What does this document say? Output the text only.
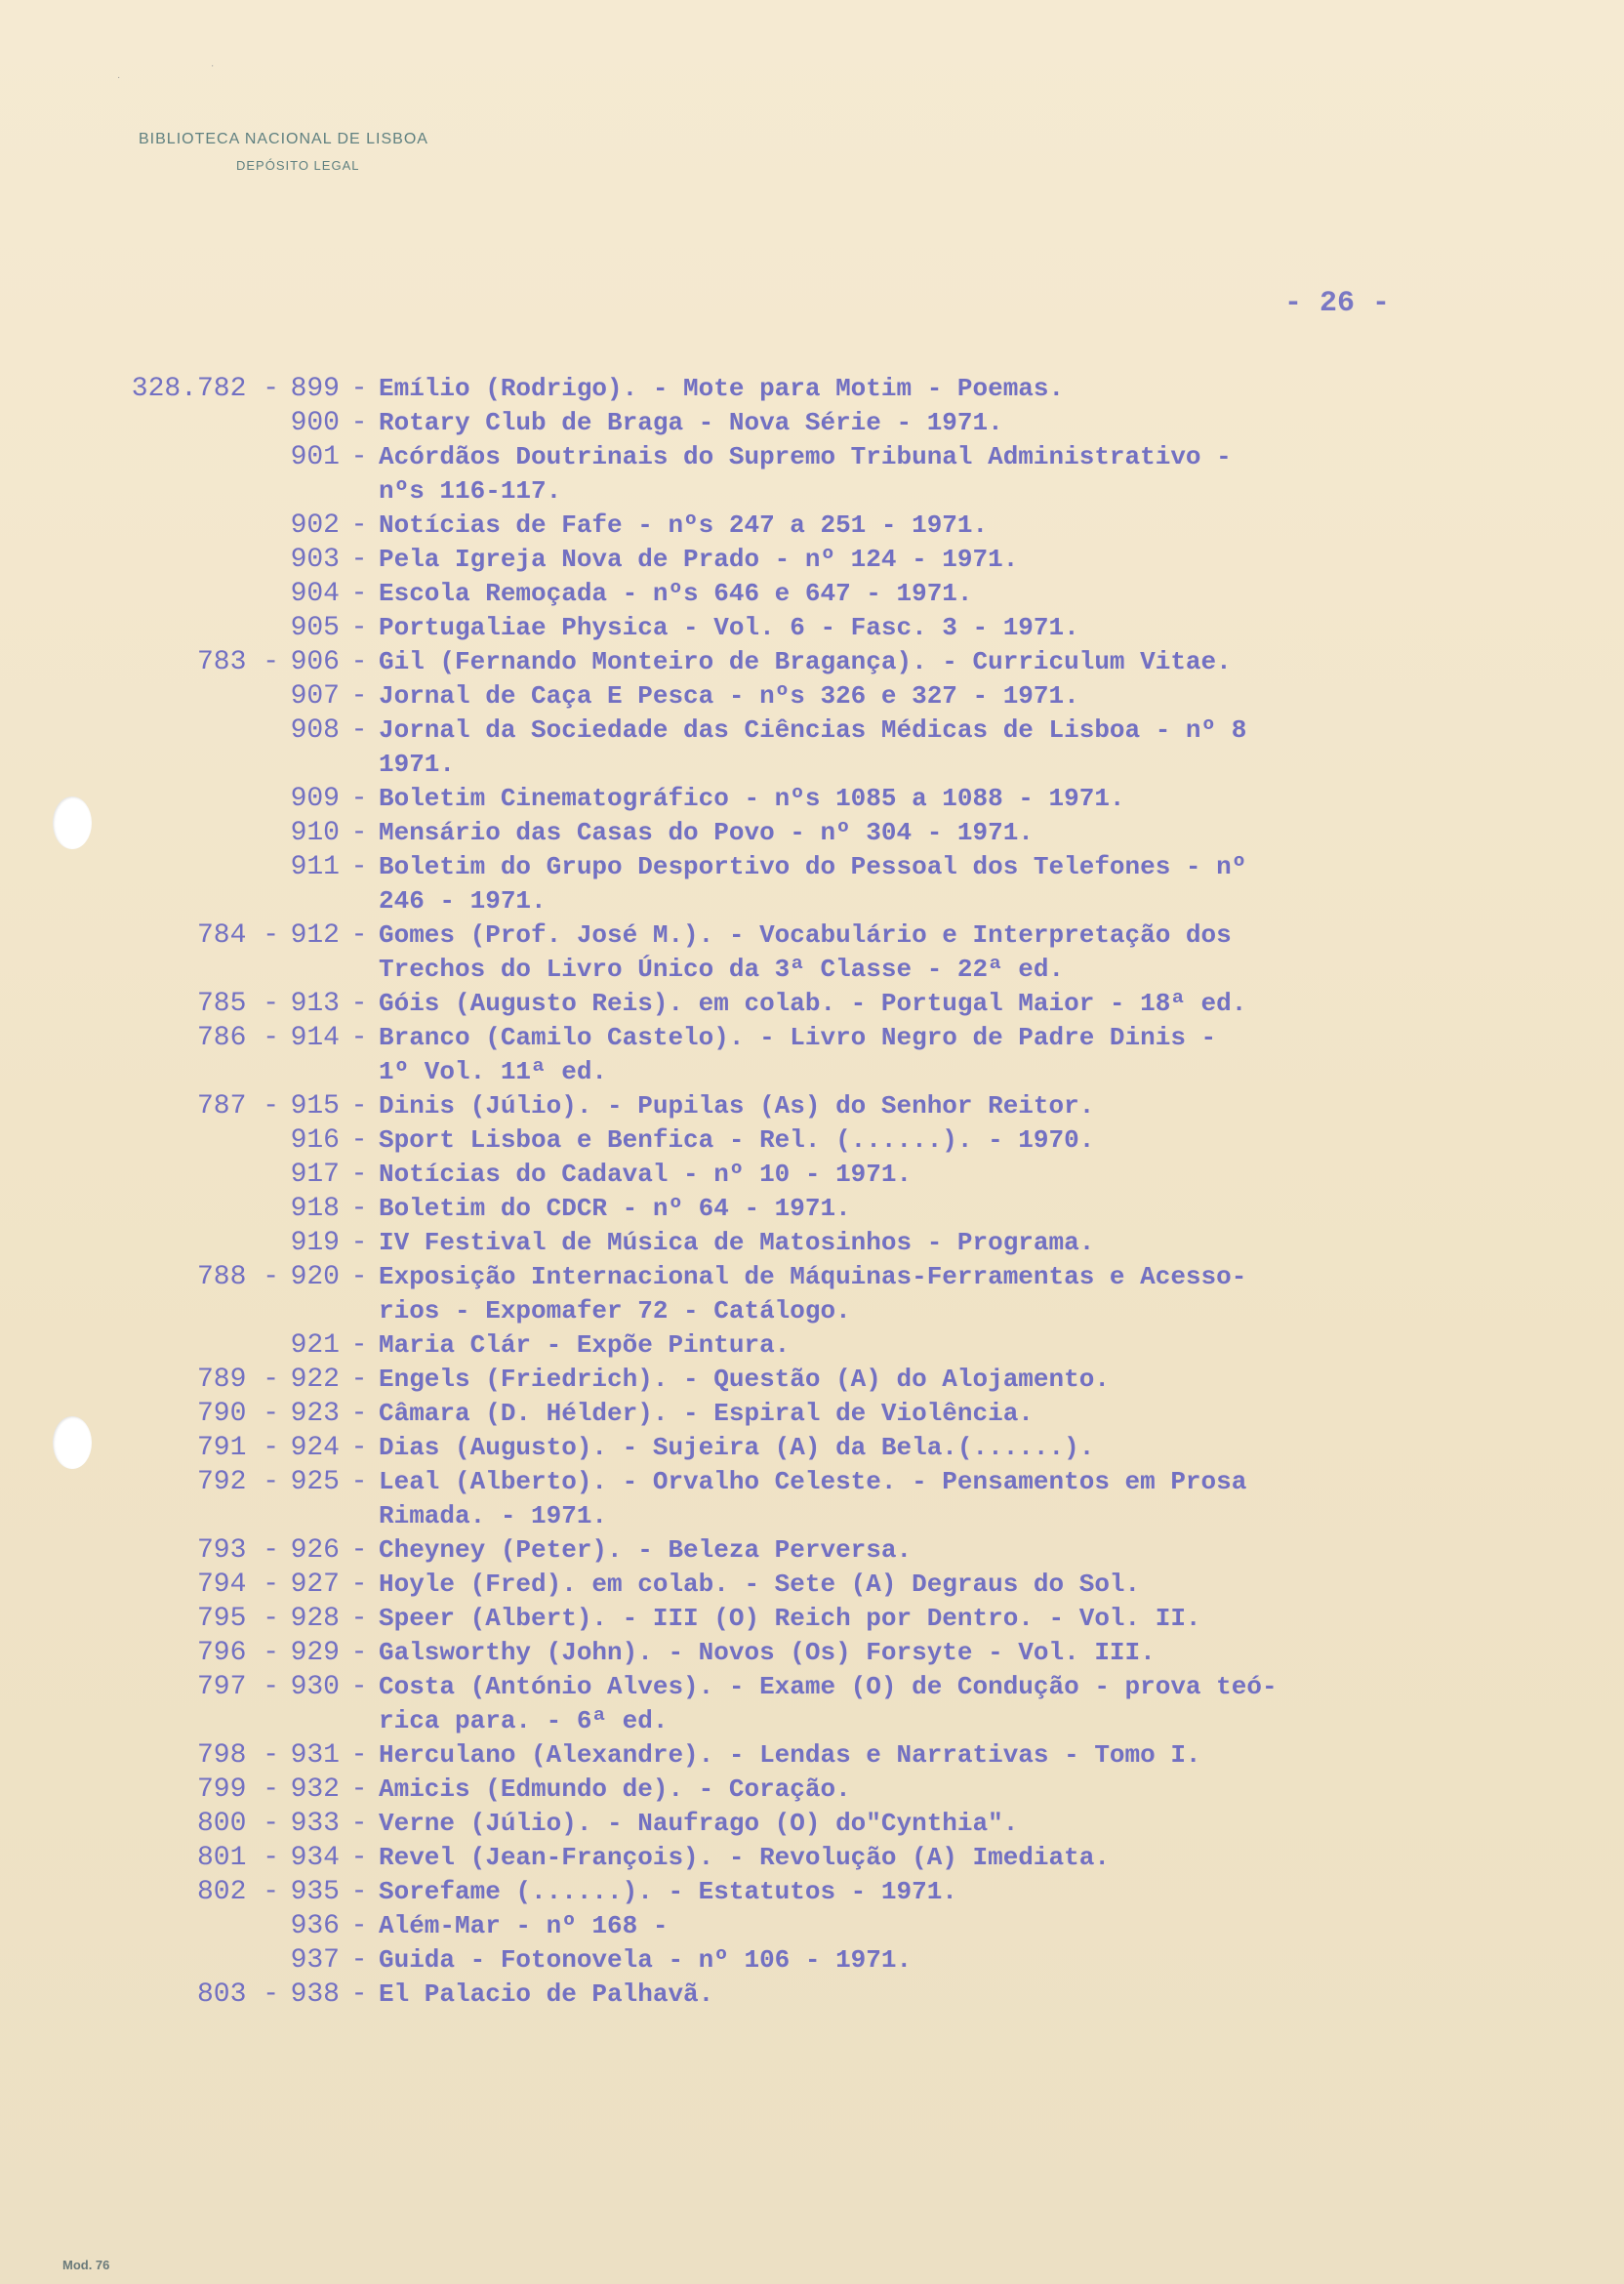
BIBLIOTECA NACIONAL DE LISBOA
DEPÓSITO LEGAL
- 26 -
·
·
328.782 - 899 - Emílio (Rodrigo). - Mote para Motim - Poemas.
900 - Rotary Club de Braga - Nova Série - 1971.
901 - Acórdãos Doutrinais do Supremo Tribunal Administrativo -
nºs 116-117.
902 - Notícias de Fafe - nºs 247 a 251 - 1971.
903 - Pela Igreja Nova de Prado - nº 124 - 1971.
904 - Escola Remoçada - nºs 646 e 647 - 1971.
905 - Portugaliae Physica - Vol. 6 - Fasc. 3 - 1971.
783 - 906 - Gil (Fernando Monteiro de Bragança). - Curriculum Vitae.
907 - Jornal de Caça E Pesca - nºs 326 e 327 - 1971.
908 - Jornal da Sociedade das Ciências Médicas de Lisboa - nº 8
1971.
909 - Boletim Cinematográfico - nºs 1085 a 1088 - 1971.
910 - Mensário das Casas do Povo - nº 304 - 1971.
911 - Boletim do Grupo Desportivo do Pessoal dos Telefones - nº
246 - 1971.
784 - 912 - Gomes (Prof. José M.). - Vocabulário e Interpretação dos
Trechos do Livro Único da 3ª Classe - 22ª ed.
785 - 913 - Góis (Augusto Reis). em colab. - Portugal Maior - 18ª ed.
786 - 914 - Branco (Camilo Castelo). - Livro Negro de Padre Dinis -
1º Vol. 11ª ed.
787 - 915 - Dinis (Júlio). - Pupilas (As) do Senhor Reitor.
916 - Sport Lisboa e Benfica - Rel. (......). - 1970.
917 - Notícias do Cadaval - nº 10 - 1971.
918 - Boletim do CDCR - nº 64 - 1971.
919 - IV Festival de Música de Matosinhos - Programa.
788 - 920 - Exposição Internacional de Máquinas-Ferramentas e Acesso-
rios - Expomafer 72 - Catálogo.
921 - Maria Clár - Expõe Pintura.
789 - 922 - Engels (Friedrich). - Questão (A) do Alojamento.
790 - 923 - Câmara (D. Hélder). - Espiral de Violência.
791 - 924 - Dias (Augusto). - Sujeira (A) da Bela.(......).
792 - 925 - Leal (Alberto). - Orvalho Celeste. - Pensamentos em Prosa
Rimada. - 1971.
793 - 926 - Cheyney (Peter). - Beleza Perversa.
794 - 927 - Hoyle (Fred). em colab. - Sete (A) Degraus do Sol.
795 - 928 - Speer (Albert). - III (O) Reich por Dentro. - Vol. II.
796 - 929 - Galsworthy (John). - Novos (Os) Forsyte - Vol. III.
797 - 930 - Costa (António Alves). - Exame (O) de Condução - prova teó-
rica para. - 6ª ed.
798 - 931 - Herculano (Alexandre). - Lendas e Narrativas - Tomo I.
799 - 932 - Amicis (Edmundo de). - Coração.
800 - 933 - Verne (Júlio). - Naufrago (O) do"Cynthia".
801 - 934 - Revel (Jean-François). - Revolução (A) Imediata.
802 - 935 - Sorefame (......). - Estatutos - 1971.
936 - Além-Mar - nº 168 -
937 - Guida - Fotonovela - nº 106 - 1971.
803 - 938 - El Palacio de Palhavã.
Mod. 76
